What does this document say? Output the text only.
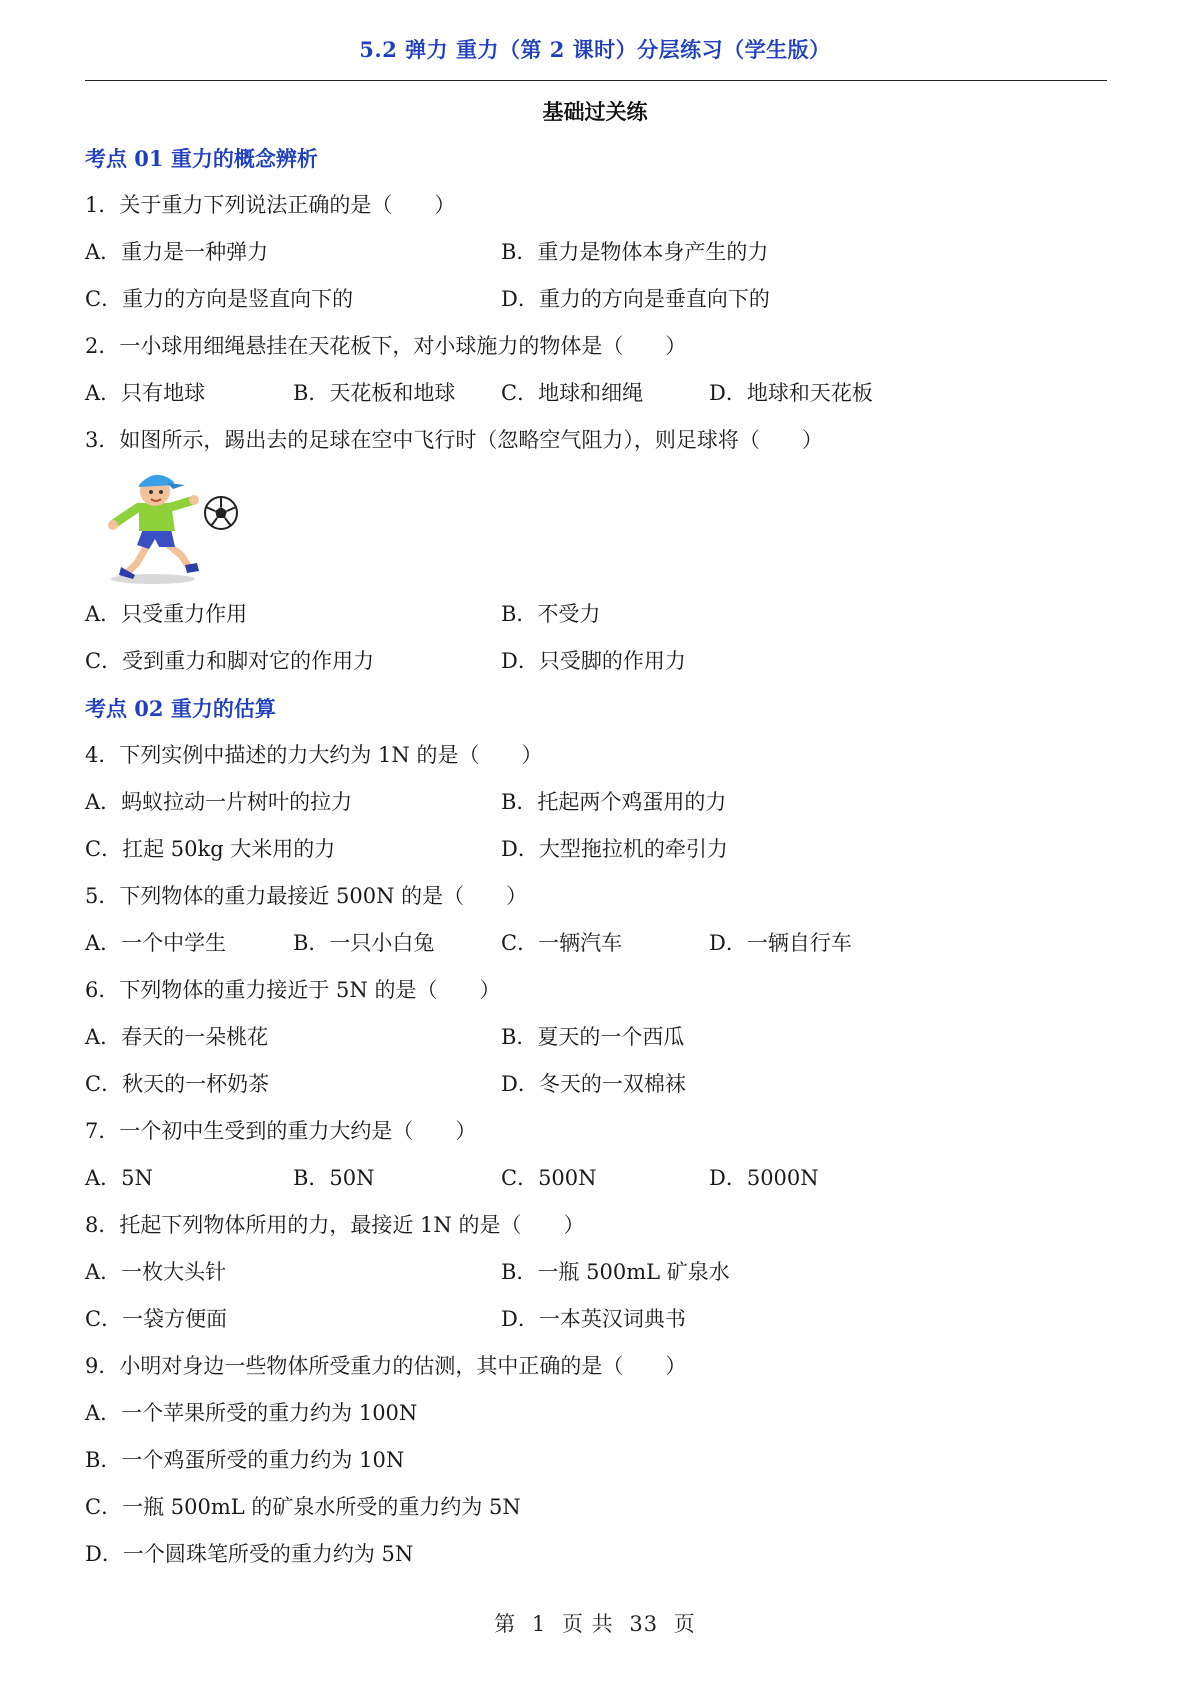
5.2 弹力 重力（第 2 课时）分层练习（学生版）
基础过关练
考点 01 重力的概念辨析
1．关于重力下列说法正确的是（　　）
A．重力是一种弹力	B．重力是物体本身产生的力
C．重力的方向是竖直向下的	D．重力的方向是垂直向下的
2．一小球用细绳悬挂在天花板下，对小球施力的物体是（　　）
A．只有地球	B．天花板和地球 C．地球和细绳	D．地球和天花板
3．如图所示，踢出去的足球在空中飞行时（忽略空气阻力），则足球将（　　）
A．只受重力作用	B．不受力
C．受到重力和脚对它的作用力	D．只受脚的作用力
考点 02 重力的估算
4．下列实例中描述的力大约为 1N 的是（　　）
A．蚂蚁拉动一片树叶的拉力	B．托起两个鸡蛋用的力
C．扛起 50kg 大米用的力	D．大型拖拉机的牵引力
5．下列物体的重力最接近 500N 的是（　　）
A．一个中学生	B．一只小白兔	C．一辆汽车	D．一辆自行车
6．下列物体的重力接近于 5N 的是（　　）
A．春天的一朵桃花	B．夏天的一个西瓜
C．秋天的一杯奶茶	D．冬天的一双棉袜
7．一个初中生受到的重力大约是（　　）
A．5N	B．50N	C．500N	D．5000N
8．托起下列物体所用的力，最接近 1N 的是（　　）
A．一枚大头针	B．一瓶 500mL 矿泉水
C．一袋方便面	D．一本英汉词典书
9．小明对身边一些物体所受重力的估测，其中正确的是（　　）
A．一个苹果所受的重力约为 100N
B．一个鸡蛋所受的重力约为 10N
C．一瓶 500mL 的矿泉水所受的重力约为 5N
D．一个圆珠笔所受的重力约为 5N
第 1 页 共 33 页
